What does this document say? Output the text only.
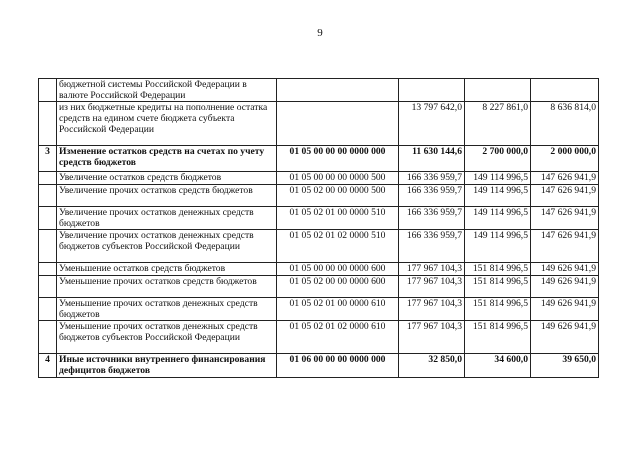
9
	бюджетной системы Российской Федерации в валюте Российской Федерации				
	из них бюджетные кредиты на пополнение остатка средств на едином счете бюджета субъекта Российской Федерации		13 797 642,0	8 227 861,0	8 636 814,0
3	Изменение остатков средств на счетах по учету средств бюджетов	01 05 00 00 00 0000 000	11 630 144,6	2 700 000,0	2 000 000,0
	Увеличение остатков средств бюджетов	01 05 00 00 00 0000 500	166 336 959,7	149 114 996,5	147 626 941,9
	Увеличение прочих остатков средств бюджетов	01 05 02 00 00 0000 500	166 336 959,7	149 114 996,5	147 626 941,9
	Увеличение прочих остатков денежных средств бюджетов	01 05 02 01 00 0000 510	166 336 959,7	149 114 996,5	147 626 941,9
	Увеличение прочих остатков денежных средств бюджетов субъектов Российской Федерации	01 05 02 01 02 0000 510	166 336 959,7	149 114 996,5	147 626 941,9
	Уменьшение остатков средств бюджетов	01 05 00 00 00 0000 600	177 967 104,3	151 814 996,5	149 626 941,9
	Уменьшение прочих остатков средств бюджетов	01 05 02 00 00 0000 600	177 967 104,3	151 814 996,5	149 626 941,9
	Уменьшение прочих остатков денежных средств бюджетов	01 05 02 01 00 0000 610	177 967 104,3	151 814 996,5	149 626 941,9
	Уменьшение прочих остатков денежных средств бюджетов субъектов Российской Федерации	01 05 02 01 02 0000 610	177 967 104,3	151 814 996,5	149 626 941,9
4	Иные источники внутреннего финансирования дефицитов бюджетов	01 06 00 00 00 0000 000	32 850,0	34 600,0	39 650,0
